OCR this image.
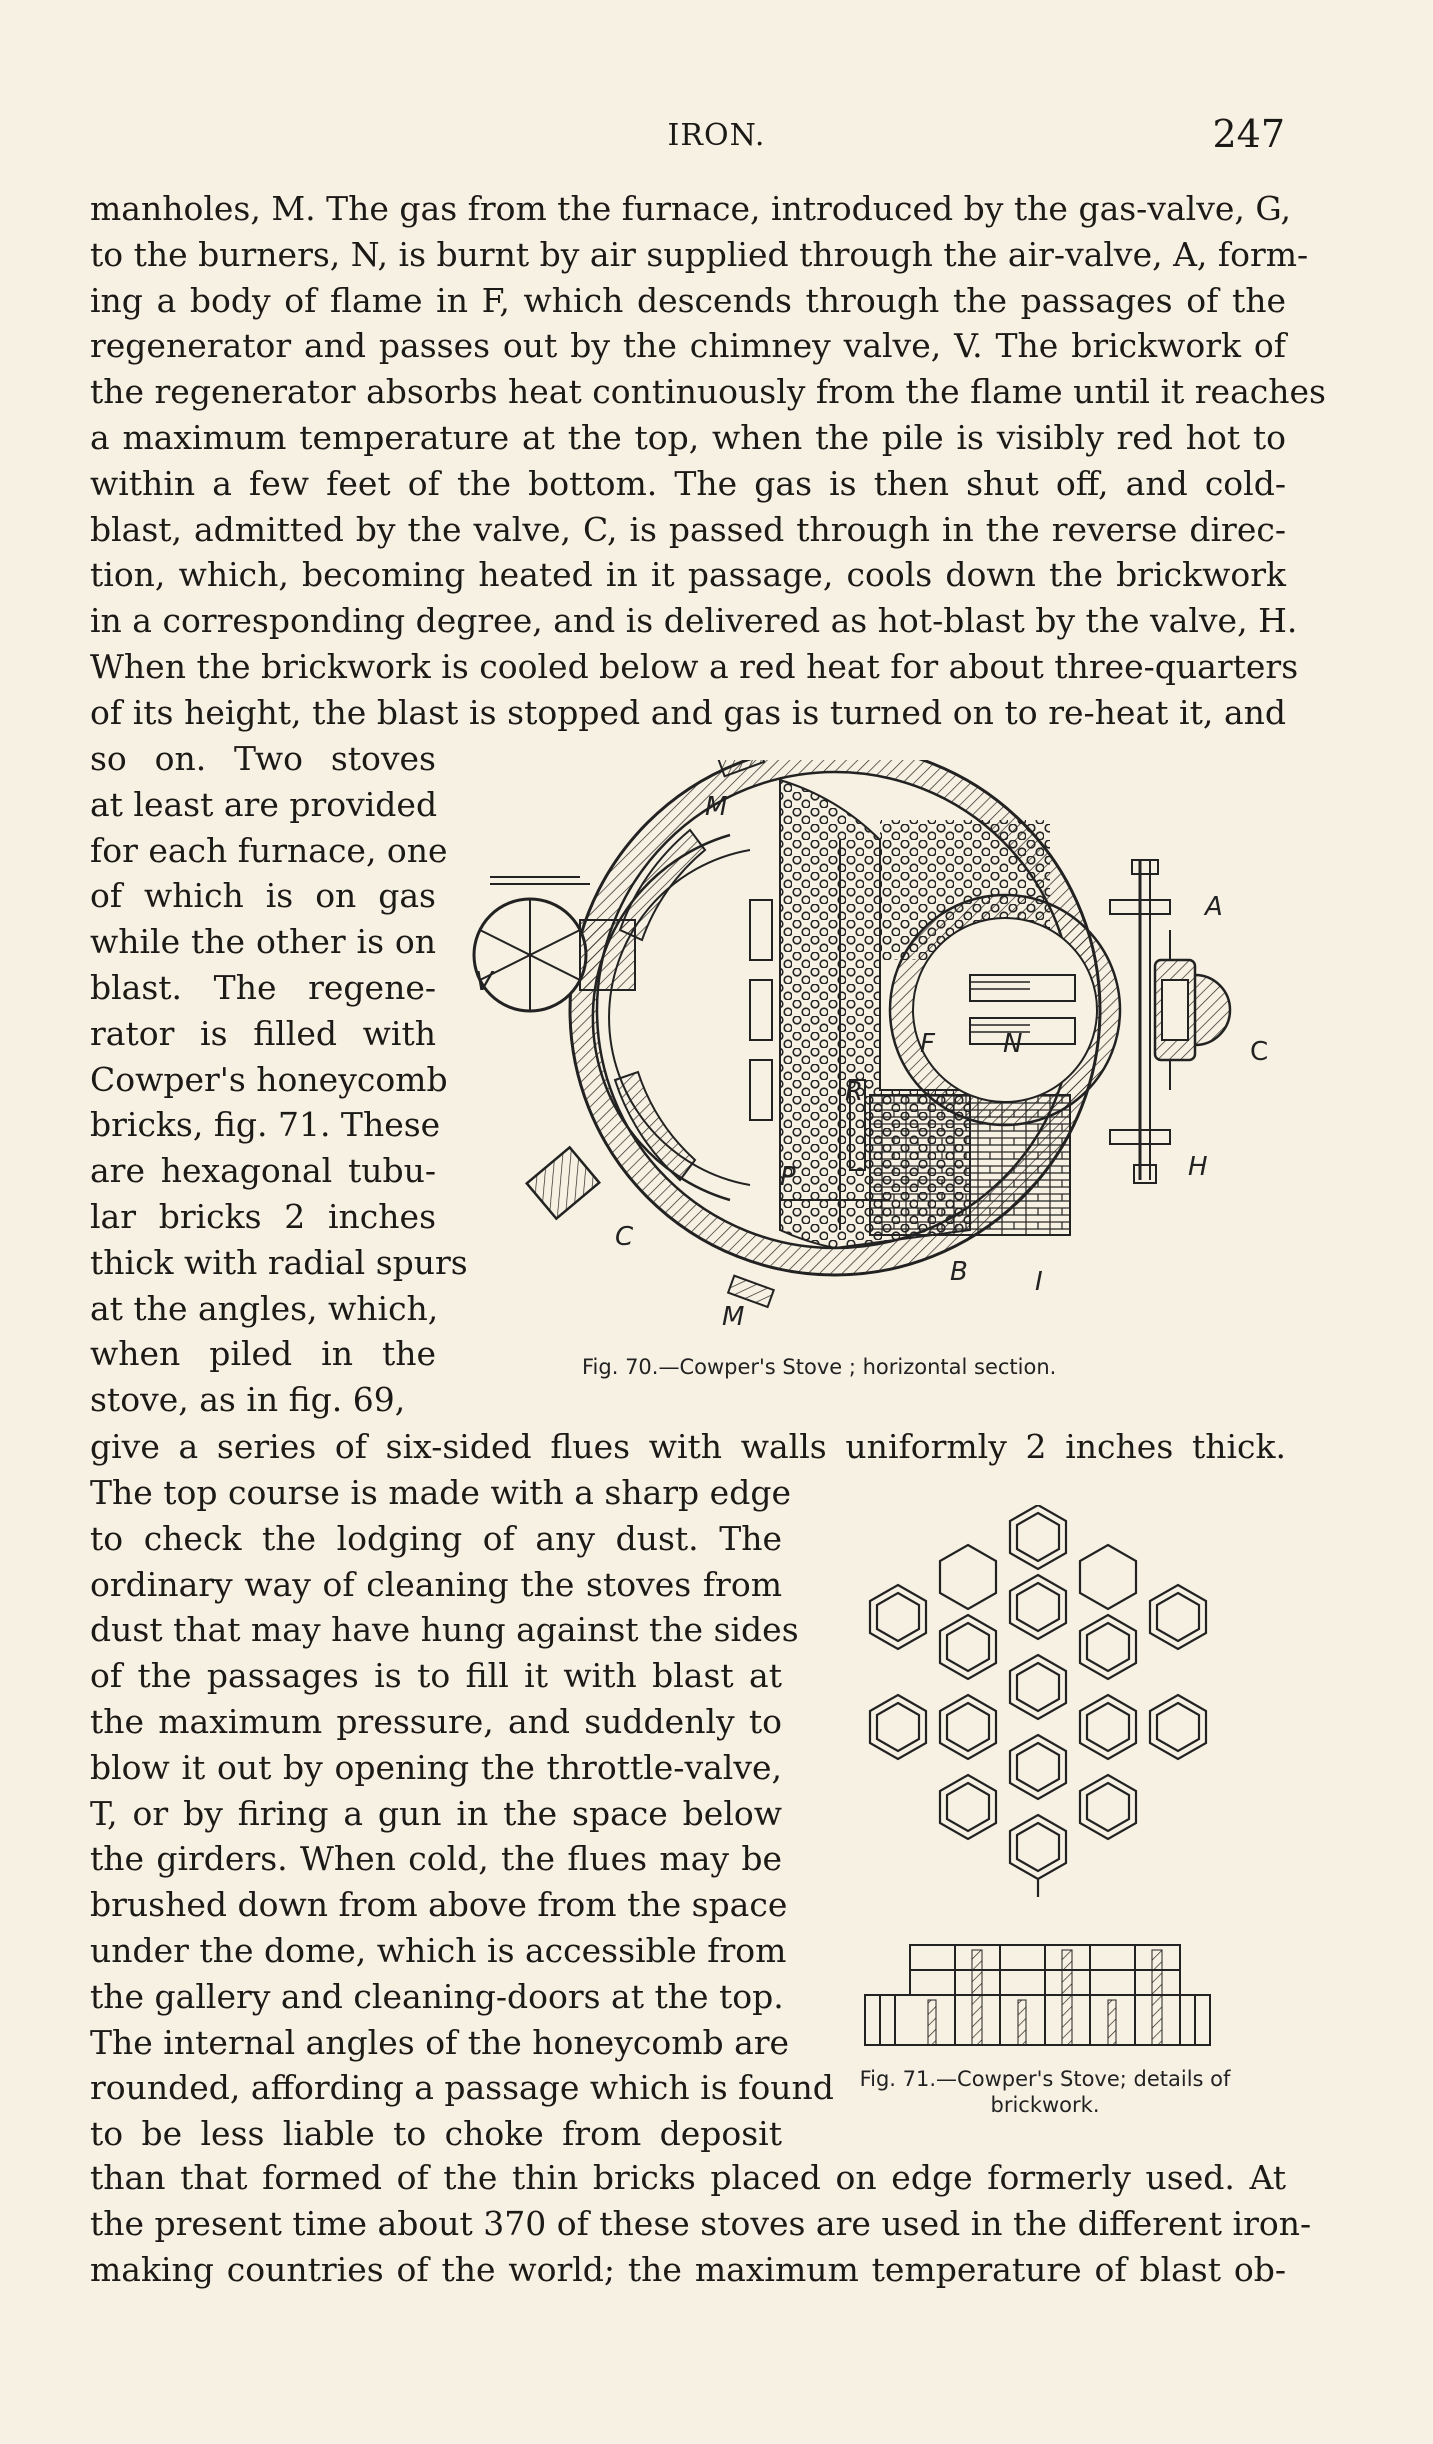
IRON.	247
manholes, M. The gas from the furnace, introduced by the gas-valve, G,
to the burners, N, is burnt by air supplied through the air-valve, A, form-
ing a body of flame in F, which descends through the passages of the
regenerator and passes out by the chimney valve, V. The brickwork of
the regenerator absorbs heat continuously from the flame until it reaches
a maximum temperature at the top, when the pile is visibly red hot to
within a few feet of the bottom. The gas is then shut off, and cold-
blast, admitted by the valve, C, is passed through in the reverse direc-
tion, which, becoming heated in it passage, cools down the brickwork
in a corresponding degree, and is delivered as hot-blast by the valve, H.
When the brickwork is cooled below a red heat for about three-quarters
of its height, the blast is stopped and gas is turned on to re-heat it, and
so on. Two stoves
at least are provided
for each furnace, one
of which is on gas
while the other is on
blast. The regene-
rator is filled with
Cowper's honeycomb
bricks, fig. 71. These
are hexagonal tubu-
lar bricks 2 inches
thick with radial spurs
at the angles, which,
when piled in the
stove, as in fig. 69,
give a series of six-sided flues with walls uniformly 2 inches thick.
The top course is made with a sharp edge
to check the lodging of any dust. The
ordinary way of cleaning the stoves from
dust that may have hung against the sides
of the passages is to fill it with blast at
the maximum pressure, and suddenly to
blow it out by opening the throttle-valve,
T, or by firing a gun in the space below
the girders. When cold, the flues may be
brushed down from above from the space
under the dome, which is accessible from
the gallery and cleaning-doors at the top.
The internal angles of the honeycomb are
rounded, affording a passage which is found
to be less liable to choke from deposit
than that formed of the thin bricks placed on edge formerly used. At
the present time about 370 of these stoves are used in the different iron-
making countries of the world; the maximum temperature of blast ob-
M
V
A
C
H
F	N
R
P
B	I
C
M
Fig. 70.—Cowper's Stove ; horizontal section.
Fig. 71.—Cowper's Stove; details of
brickwork.
